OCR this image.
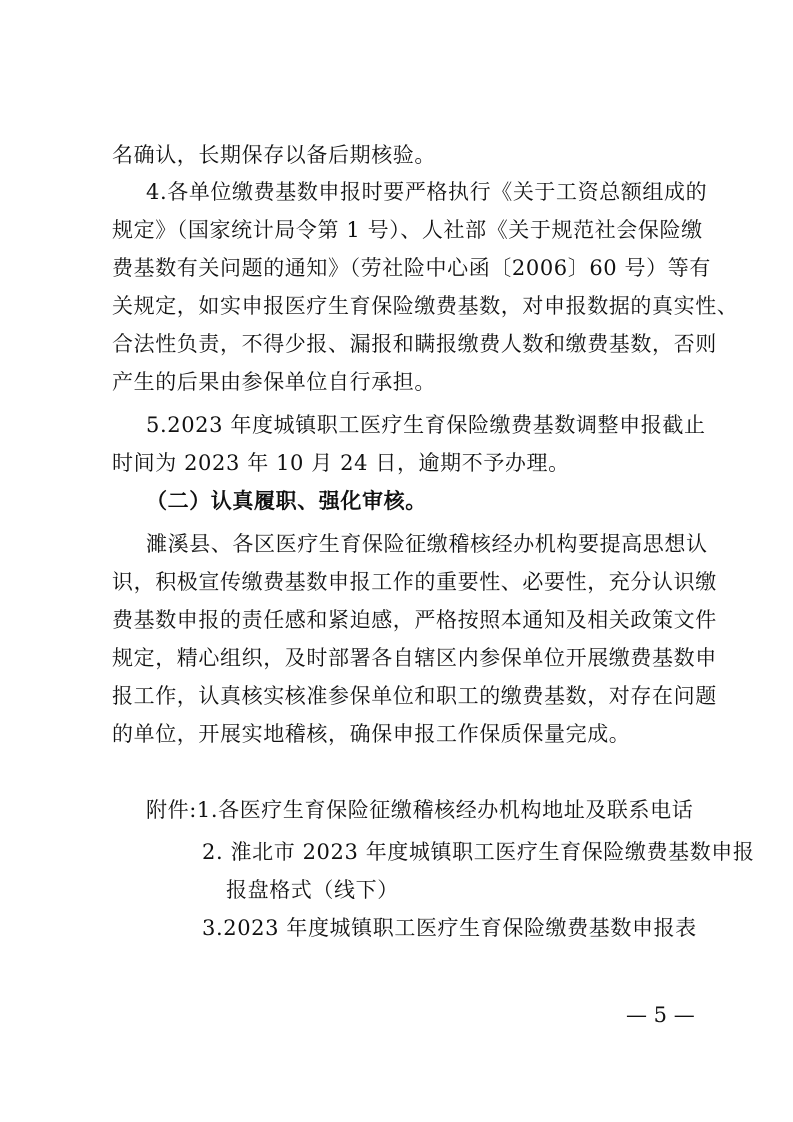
名确认，长期保存以备后期核验。
4.各单位缴费基数申报时要严格执行《关于工资总额组成的
规定》（国家统计局令第 1 号）、人社部《关于规范社会保险缴
费基数有关问题的通知》（劳社险中心函〔2006〕60 号）等有
关规定，如实申报医疗生育保险缴费基数，对申报数据的真实性、
合法性负责，不得少报、漏报和瞒报缴费人数和缴费基数，否则
产生的后果由参保单位自行承担。
5.2023 年度城镇职工医疗生育保险缴费基数调整申报截止
时间为 2023 年 10 月 24 日，逾期不予办理。
（二）认真履职、强化审核。
濉溪县、各区医疗生育保险征缴稽核经办机构要提高思想认
识，积极宣传缴费基数申报工作的重要性、必要性，充分认识缴
费基数申报的责任感和紧迫感，严格按照本通知及相关政策文件
规定，精心组织，及时部署各自辖区内参保单位开展缴费基数申
报工作，认真核实核准参保单位和职工的缴费基数，对存在问题
的单位，开展实地稽核，确保申报工作保质保量完成。
附件:1.各医疗生育保险征缴稽核经办机构地址及联系电话
2. 淮北市 2023 年度城镇职工医疗生育保险缴费基数申报
报盘格式（线下）
3.2023 年度城镇职工医疗生育保险缴费基数申报表
— 5 —
